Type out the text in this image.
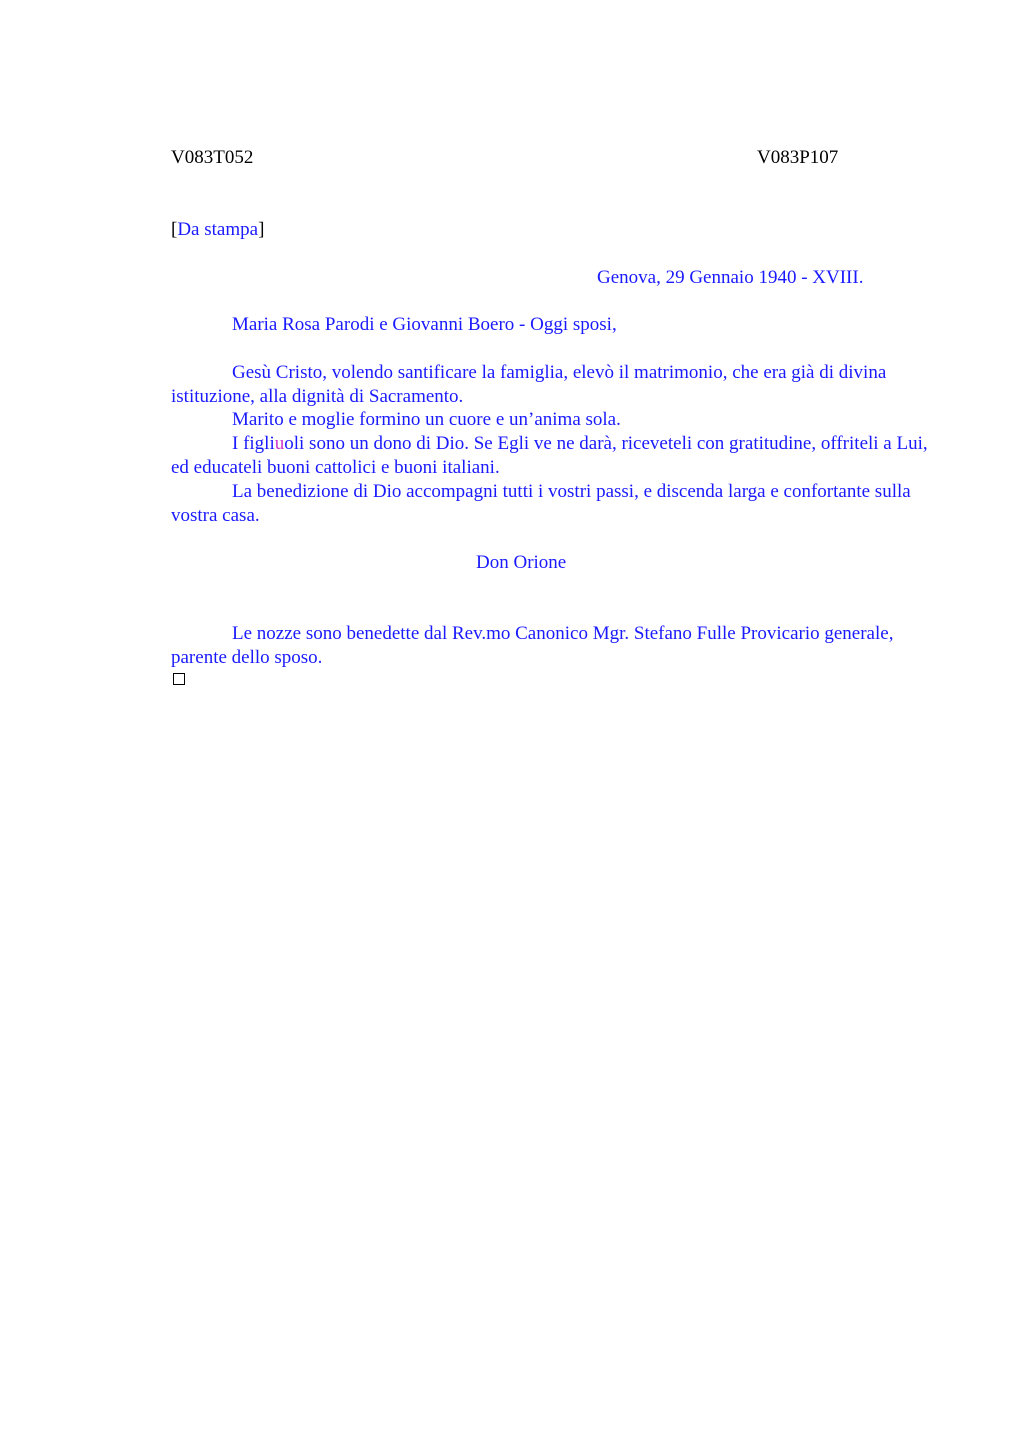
V083T052	V083P107
[Da stampa]
Genova, 29 Gennaio 1940 - XVIII.
Maria Rosa Parodi e Giovanni Boero - Oggi sposi,

Gesù Cristo, volendo santificare la famiglia, elevò il matrimonio, che era già di divina istituzione, alla dignità di Sacramento.

Marito e moglie formino un cuore e un’anima sola.

I figliuoli sono un dono di Dio. Se Egli ve ne darà, riceveteli con gratitudine, offriteli a Lui, ed educateli buoni cattolici e buoni italiani.

La benedizione di Dio accompagni tutti i vostri passi, e discenda larga e confortante sulla vostra casa.

Don Orione

Le nozze sono benedette dal Rev.mo Canonico Mgr. Stefano Fulle Provicario generale, parente dello sposo.
